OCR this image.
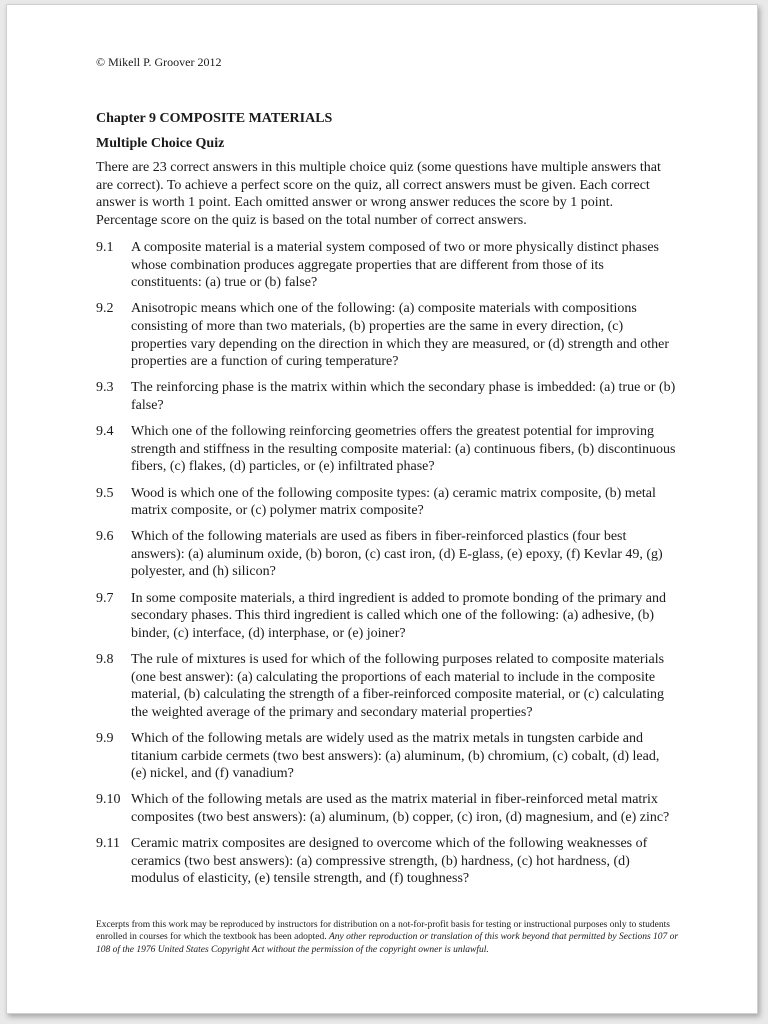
© Mikell P. Groover 2012
Chapter 9 COMPOSITE MATERIALS
Multiple Choice Quiz

There are 23 correct answers in this multiple choice quiz (some questions have multiple answers that are correct). To achieve a perfect score on the quiz, all correct answers must be given. Each correct answer is worth 1 point. Each omitted answer or wrong answer reduces the score by 1 point. Percentage score on the quiz is based on the total number of correct answers.

9.1 A composite material is a material system composed of two or more physically distinct phases whose combination produces aggregate properties that are different from those of its constituents: (a) true or (b) false?
9.2 Anisotropic means which one of the following: (a) composite materials with compositions consisting of more than two materials, (b) properties are the same in every direction, (c) properties vary depending on the direction in which they are measured, or (d) strength and other properties are a function of curing temperature?
9.3 The reinforcing phase is the matrix within which the secondary phase is imbedded: (a) true or (b) false?
9.4 Which one of the following reinforcing geometries offers the greatest potential for improving strength and stiffness in the resulting composite material: (a) continuous fibers, (b) discontinuous fibers, (c) flakes, (d) particles, or (e) infiltrated phase?
9.5 Wood is which one of the following composite types: (a) ceramic matrix composite, (b) metal matrix composite, or (c) polymer matrix composite?
9.6 Which of the following materials are used as fibers in fiber-reinforced plastics (four best answers): (a) aluminum oxide, (b) boron, (c) cast iron, (d) E-glass, (e) epoxy, (f) Kevlar 49, (g) polyester, and (h) silicon?
9.7 In some composite materials, a third ingredient is added to promote bonding of the primary and secondary phases. This third ingredient is called which one of the following: (a) adhesive, (b) binder, (c) interface, (d) interphase, or (e) joiner?
9.8 The rule of mixtures is used for which of the following purposes related to composite materials (one best answer): (a) calculating the proportions of each material to include in the composite material, (b) calculating the strength of a fiber-reinforced composite material, or (c) calculating the weighted average of the primary and secondary material properties?
9.9 Which of the following metals are widely used as the matrix metals in tungsten carbide and titanium carbide cermets (two best answers): (a) aluminum, (b) chromium, (c) cobalt, (d) lead, (e) nickel, and (f) vanadium?
9.10 Which of the following metals are used as the matrix material in fiber-reinforced metal matrix composites (two best answers): (a) aluminum, (b) copper, (c) iron, (d) magnesium, and (e) zinc?
9.11 Ceramic matrix composites are designed to overcome which of the following weaknesses of ceramics (two best answers): (a) compressive strength, (b) hardness, (c) hot hardness, (d) modulus of elasticity, (e) tensile strength, and (f) toughness?

Excerpts from this work may be reproduced by instructors for distribution on a not-for-profit basis for testing or instructional purposes only to students enrolled in courses for which the textbook has been adopted. Any other reproduction or translation of this work beyond that permitted by Sections 107 or 108 of the 1976 United States Copyright Act without the permission of the copyright owner is unlawful.
